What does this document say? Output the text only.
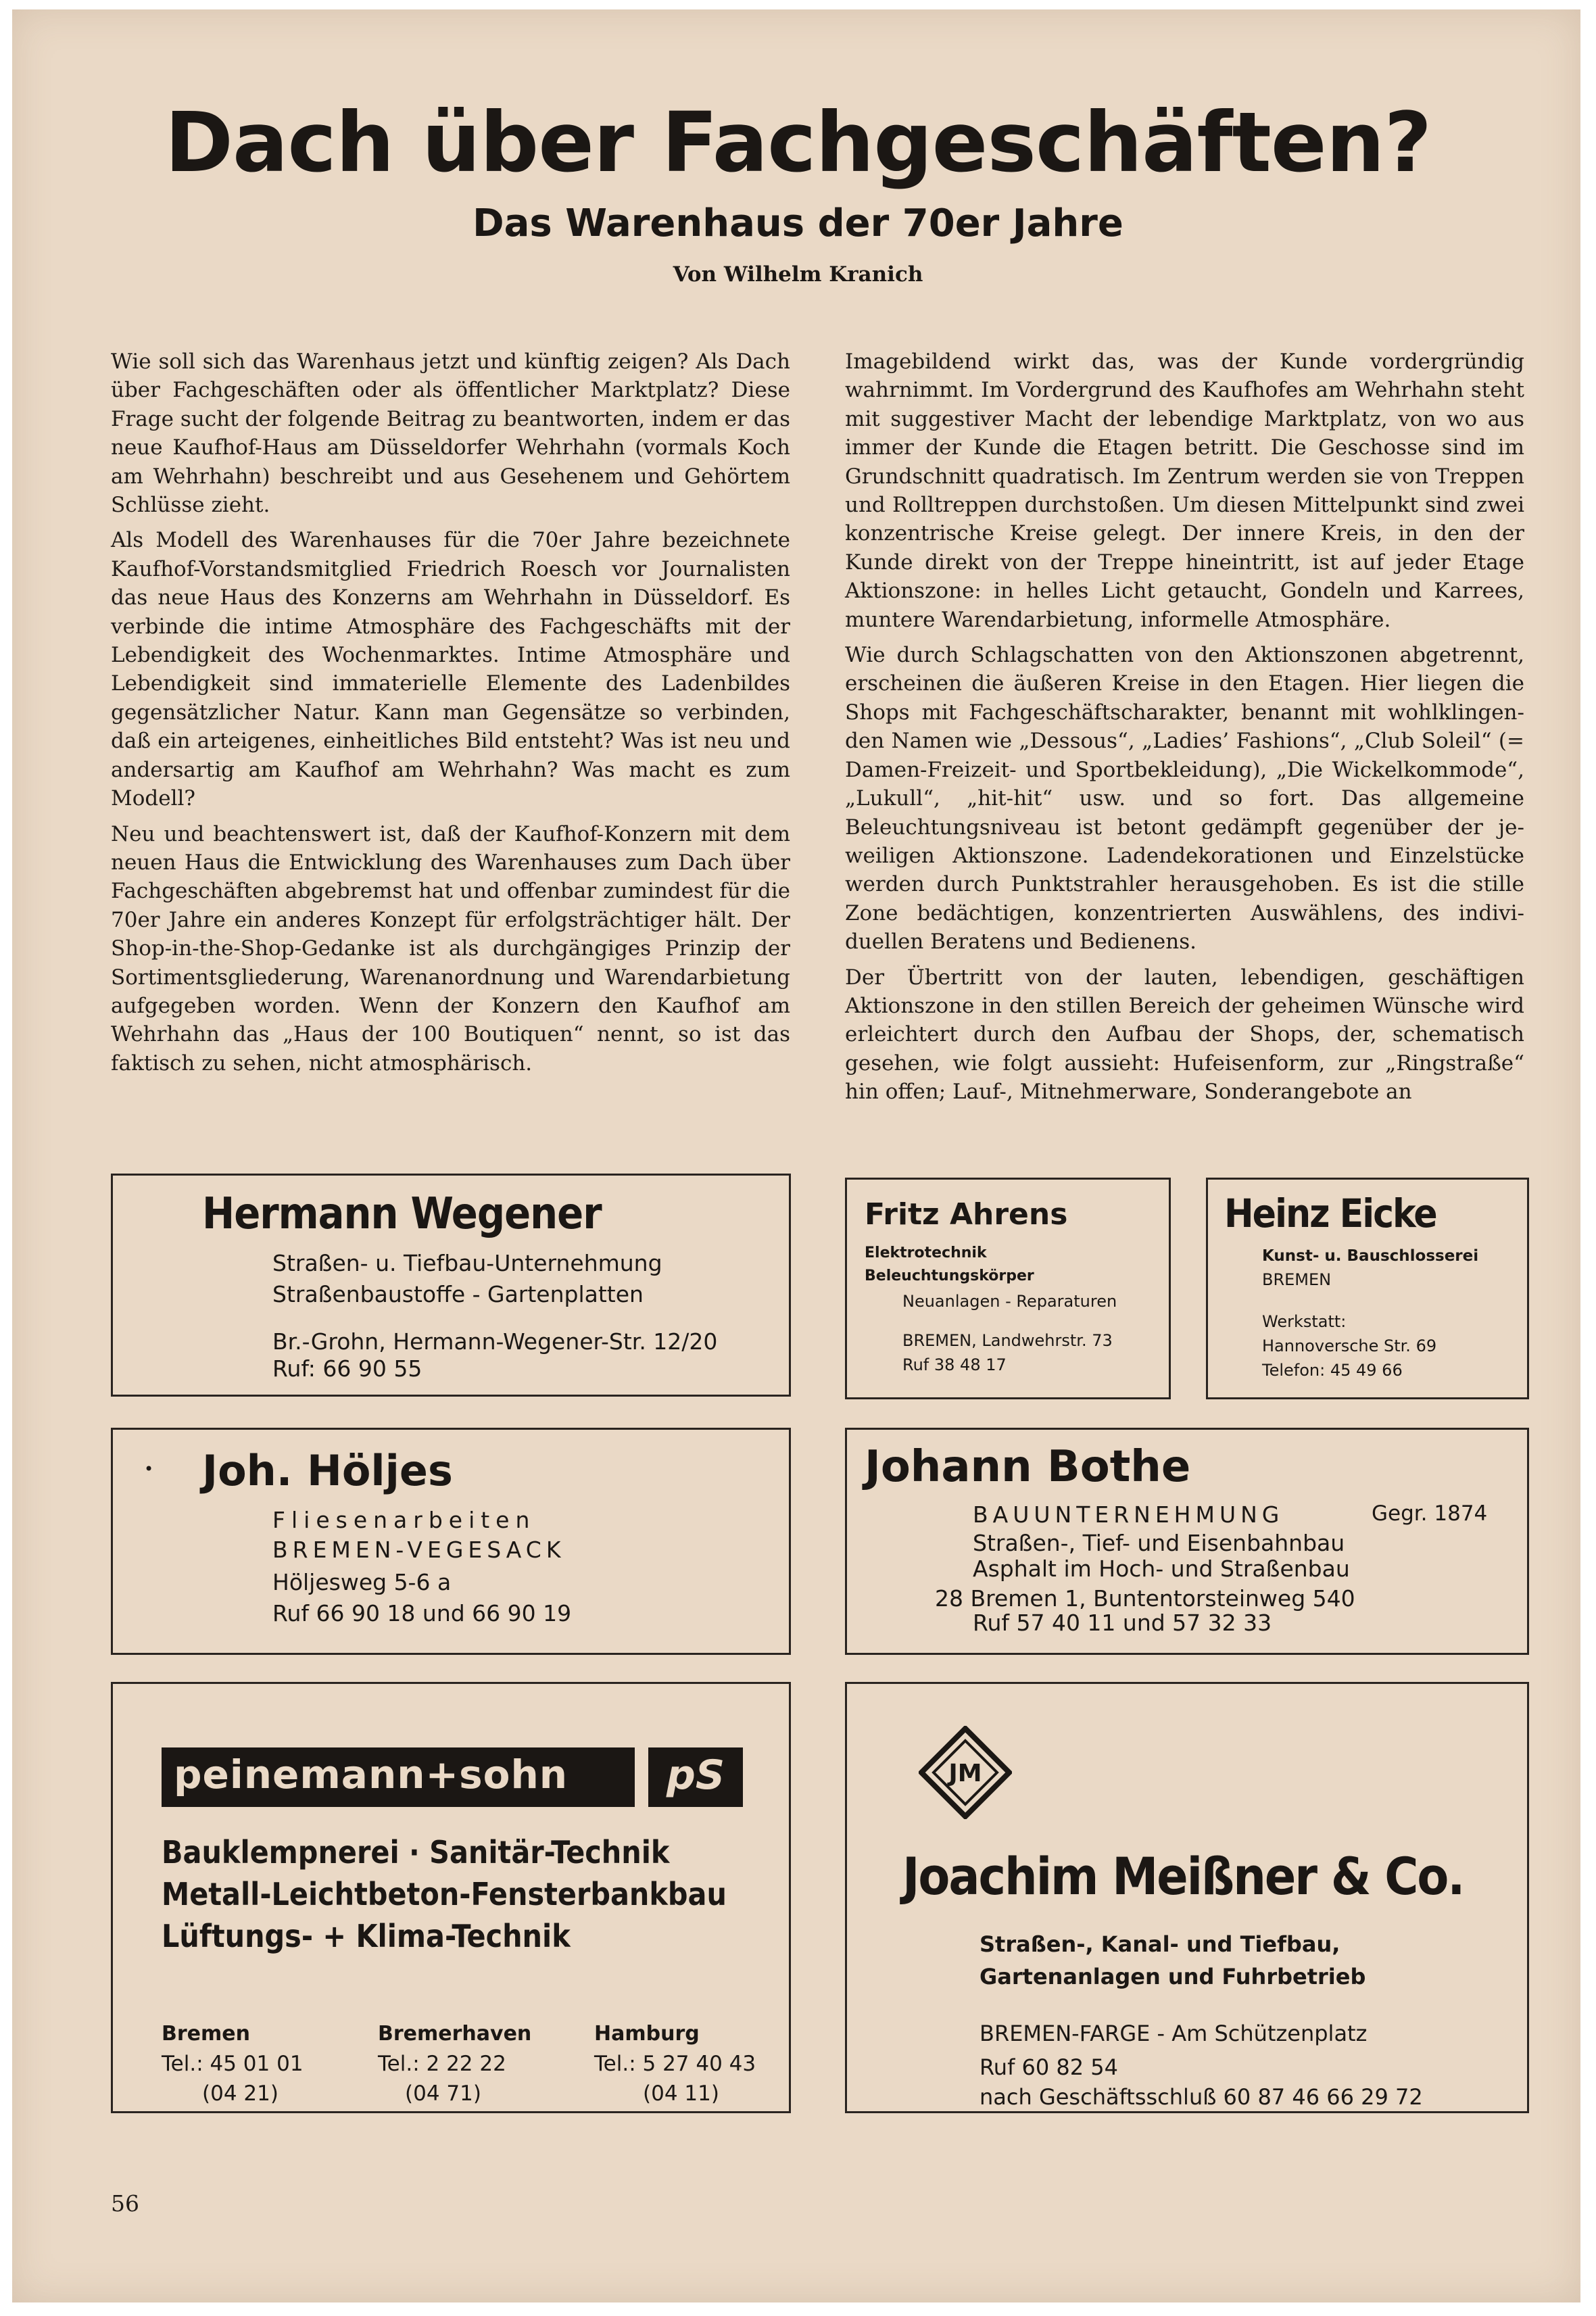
Dach über Fachgeschäften?
Das Warenhaus der 70er Jahre
Von Wilhelm Kranich

Wie soll sich das Warenhaus jetzt und künftig zeigen? Als Dach über Fachgeschäften oder als öffentlicher Marktplatz? Diese Frage sucht der folgende Beitrag zu beantworten, indem er das neue Kaufhof-Haus am Düsseldorfer Wehrhahn (vormals Koch am Wehrhahn) beschreibt und aus Gesehenem und Gehörtem Schlüsse zieht.

Als Modell des Warenhauses für die 70er Jahre bezeichnete Kaufhof-Vorstandsmitglied Friedrich Roesch vor Journalisten das neue Haus des Konzerns am Wehrhahn in Düsseldorf. Es verbinde die intime Atmosphäre des Fachgeschäfts mit der Lebendigkeit des Wochenmarktes. Intime Atmosphäre und Lebendigkeit sind immaterielle Elemente des Ladenbildes gegensätzlicher Natur. Kann man Gegensätze so verbinden, daß ein arteigenes, einheitliches Bild entsteht? Was ist neu und andersartig am Kaufhof am Wehrhahn? Was macht es zum Modell?

Neu und beachtenswert ist, daß der Kaufhof-Konzern mit dem neuen Haus die Entwicklung des Warenhauses zum Dach über Fachgeschäften abgebremst hat und offenbar zumindest für die 70er Jahre ein anderes Konzept für erfolgsträchtiger hält. Der Shop-in-the-Shop-Gedanke ist als durchgängiges Prinzip der Sortimentsgliederung, Warenanordnung und Warendarbietung aufgegeben worden. Wenn der Konzern den Kaufhof am Wehrhahn das „Haus der 100 Boutiquen“ nennt, so ist das faktisch zu sehen, nicht atmosphärisch.

Imagebildend wirkt das, was der Kunde vordergründig wahrnimmt. Im Vordergrund des Kaufhofes am Wehrhahn steht mit suggestiver Macht der lebendige Marktplatz, von wo aus immer der Kunde die Etagen betritt. Die Geschosse sind im Grundschnitt quadratisch. Im Zentrum werden sie von Treppen und Rolltreppen durchstoßen. Um diesen Mittelpunkt sind zwei konzentrische Kreise gelegt. Der innere Kreis, in den der Kunde direkt von der Treppe hineintritt, ist auf jeder Etage Aktionszone: in helles Licht getaucht, Gondeln und Karrees, muntere Warendarbietung, informelle Atmosphäre.

Wie durch Schlagschatten von den Aktionszonen abgetrennt, erscheinen die äußeren Kreise in den Etagen. Hier liegen die Shops mit Fachgeschäftscharakter, benannt mit wohlklingenden Namen wie „Dessous“, „Ladies’ Fashions“, „Club Soleil“ (= Damen-Freizeit- und Sportbekleidung), „Die Wickelkommode“, „Lukull“, „hit-hit“ usw. und so fort. Das allgemeine Beleuchtungsniveau ist betont gedämpft gegenüber der jeweiligen Aktionszone. Ladendekorationen und Einzelstücke werden durch Punktstrahler herausgehoben. Es ist die stille Zone bedächtigen, konzentrierten Auswählens, des individuellen Beratens und Bedienens.

Der Übertritt von der lauten, lebendigen, geschäftigen Aktionszone in den stillen Bereich der geheimen Wünsche wird erleichtert durch den Aufbau der Shops, der, schematisch gesehen, wie folgt aussieht: Hufeisenform, zur „Ringstraße“ hin offen; Lauf-, Mitnehmerware, Sonderangebote an

Hermann Wegener
Straßen- u. Tiefbau-Unternehmung
Straßenbaustoffe - Gartenplatten
Br.-Grohn, Hermann-Wegener-Str. 12/20
Ruf: 66 90 55
Fritz Ahrens
Elektrotechnik
Beleuchtungskörper
Neuanlagen - Reparaturen
BREMEN, Landwehrstr. 73
Ruf 38 48 17
Heinz Eicke
Kunst- u. Bauschlosserei
BREMEN
Werkstatt:
Hannoversche Str. 69
Telefon: 45 49 66
• Joh. Höljes
Fliesenarbeiten
BREMEN-VEGESACK
Höljesweg 5-6 a
Ruf 66 90 18 und 66 90 19
Johann Bothe
BAUUNTERNEHMUNG	Gegr. 1874
Straßen-, Tief- und Eisenbahnbau
Asphalt im Hoch- und Straßenbau
28 Bremen 1, Buntentorsteinweg 540
Ruf 57 40 11 und 57 32 33
peinemann+sohn	pS
Bauklempnerei · Sanitär-Technik
Metall-Leichtbeton-Fensterbankbau
Lüftungs- + Klima-Technik
Bremen
Tel.: 45 01 01
(04 21)
Bremerhaven
Tel.: 2 22 22
(04 71)
Hamburg
Tel.: 5 27 40 43
(04 11)
JM
Joachim Meißner & Co.
Straßen-, Kanal- und Tiefbau,
Gartenanlagen und Fuhrbetrieb
BREMEN-FARGE - Am Schützenplatz
Ruf 60 82 54
nach Geschäftsschluß 60 87 46 66 29 72
56
